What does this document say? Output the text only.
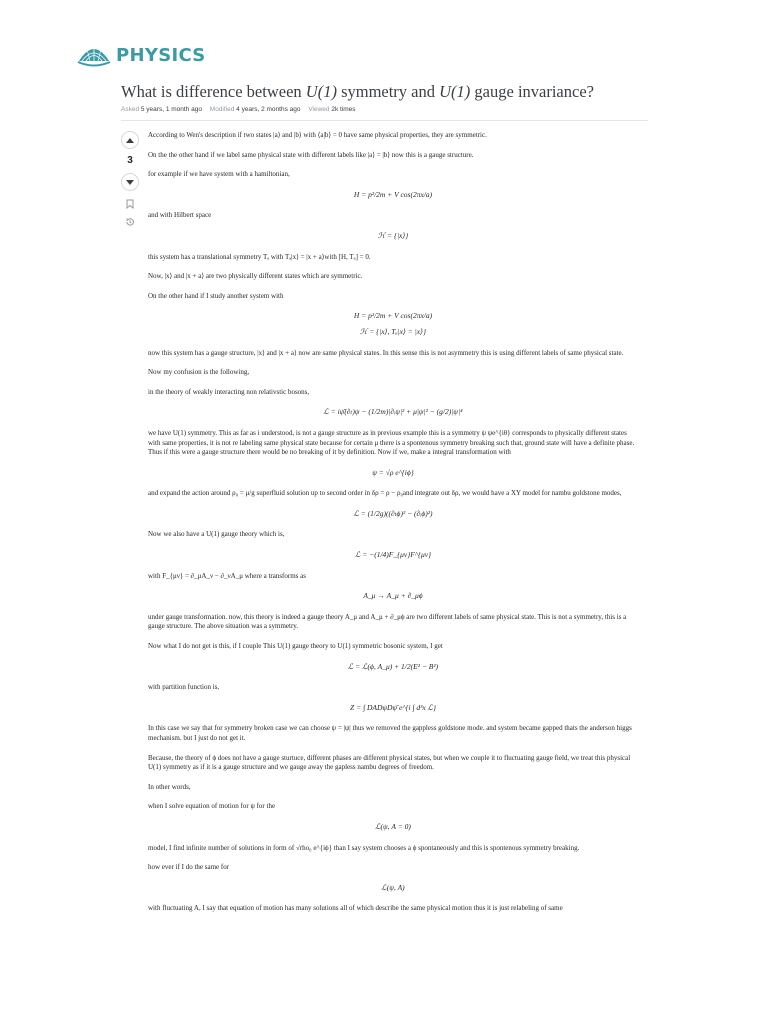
PHYSICS
What is difference between U(1) symmetry and U(1) gauge invariance?
Asked 5 years, 1 month ago Modified 4 years, 2 months ago Viewed 2k times
3

According to Wen's description if two states |a⟩ and |b⟩ with ⟨a|b⟩ = 0 have same physical properties, they are symmetric.

On the the other hand if we label same physical state with different labels like |a⟩ = |b⟩ now this is a gauge structure.

for example if we have system with a hamiltonian,

H = p²/2m + V cos(2πx/a)

and with Hilbert space

ℋ = {|x⟩}

this system has a translational symmetry Tₐ with Tₐ|x⟩ = |x + a⟩with [H, Tₐ] = 0.

Now, |x⟩ and |x + a⟩ are two physically different states which are symmetric.

On the other hand if I study another system with

H = p²/2m + V cos(2πx/a)
ℋ = {|x⟩, Tₐ|x⟩ = |x⟩}

now this system has a gauge structure, |x⟩ and |x + a⟩ now are same physical states. In this sense this is not asymmetry this is using different labels of same physical state.

Now my confusion is the following,

in the theory of weakly interacting non relativstic bosons,

ℒ = iψ̄(∂ₜ)ψ − (1/2m)|∂ᵢψ|² + μ|ψ|² − (g/2)|ψ|⁴

we have U(1) symmetry. This as far as i understood, is not a gauge structure as in previous example this is a symmetry ψ ψe^{iθ} corresponds to physically different states with same properties, it is not re labeling same physical state because for certain μ there is a spontenous symmetry breaking such that, ground state will have a definite phase. Thus if this were a gauge structure there would be no breaking of it by definition. Now if we, make a integral transformation with

ψ = √ρ e^{iϕ}

and expand the action around ρ₀ = μ/g superfluid solution up to second order in δρ = ρ − ρ₀and integrate out δρ, we would have a XY model for nambu goldstone modes,

ℒ = (1/2g)((∂ₜϕ)² − (∂ᵢϕ)²)

Now we also have a U(1) gauge theory which is,

ℒ = −(1/4)F_{μν}F^{μν}

with F_{μν} = ∂_μA_ν − ∂_νA_μ where a transforms as

A_μ → A_μ + ∂_μϕ

under gauge transformation. now, this theory is indeed a gauge theory A_μ and A_μ + ∂_μϕ are two different labels of same physical state. This is not a symmetry, this is a gauge structure. The above situation was a symmetry.

Now what I do not get is this, if I couple This U(1) gauge theory to U(1) symmetric bosonic system, I get

ℒ = ℒ(ϕ, A_μ) + 1/2(E² − B²)

with partition function is,

Z = ∫ DADψDψ̄ e^{i ∫ d³x ℒ}

In this case we say that for symmetry broken case we can choose ψ = |ψ| thus we removed the gappless goldstone mode. and system became gapped thats the anderson higgs mechanism. but I just do not get it.

Because, the theory of ϕ does not have a gauge sturtuce, different phases are different physical states, but when we couple it to fluctuating gauge field, we treat this physical U(1) symmetry as if it is a gauge structure and we gauge away the gapless nambu degrees of freedom.

In other words,

when I solve equation of motion for ψ for the

ℒ(ψ, A = 0)

model, I find infinite number of solutions in form of √rho₀ e^{iϕ} than I say system chooses a ϕ spontaneously and this is spontenous symmetry breaking.

how ever if I do the same for

ℒ(ψ, A)

with fluctuating A, I say that equation of motion has many solutions all of which describe the same physical motion thus it is just relabeling of same
